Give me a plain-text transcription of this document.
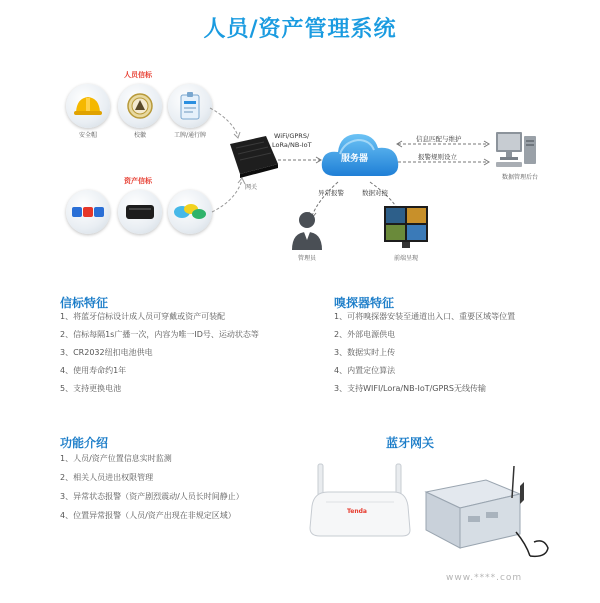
人员/资产管理系统
人员信标
安全帽	校徽	工牌/通行牌
资产信标
网关
WiFi/GPRS/
LoRa/NB-IoT
服务器
信息匹配与维护
报警规则设立
数据管理后台
异常报警	数据对接
管理员	前端呈现
信标特征
1、将蓝牙信标设计成人员可穿戴或资产可装配
2、信标每隔1s广播一次，内容为唯一ID号、运动状态等
3、CR2032纽扣电池供电
4、使用寿命约1年
5、支持更换电池
嗅探器特征
1、可将嗅探器安装至通道出入口、重要区域等位置
2、外部电源供电
3、数据实时上传
4、内置定位算法
3、支持WIFI/Lora/NB-IoT/GPRS无线传输
功能介绍
1、人员/资产位置信息实时监测
2、相关人员进出权限管理
3、异常状态报警（资产剧烈震动/人员长时间静止）
4、位置异常报警（人员/资产出现在非规定区域）
蓝牙网关
Tenda
www.****.com
